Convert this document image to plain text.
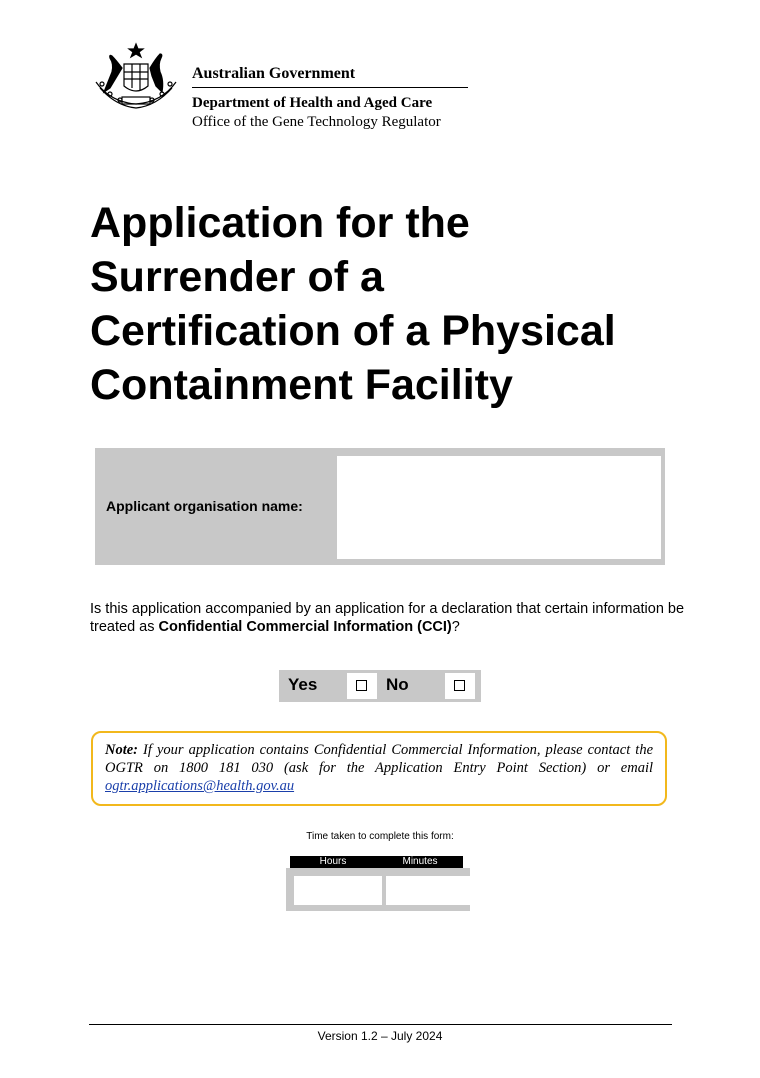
Australian Government
Department of Health and Aged Care
Office of the Gene Technology Regulator
Application for the
Surrender of a
Certification of a Physical
Containment Facility
Applicant organisation name:
Is this application accompanied by an application for a declaration that certain information be treated as Confidential Commercial Information (CCI)?
Yes	No
Note: If your application contains Confidential Commercial Information, please contact the OGTR on 1800 181 030 (ask for the Application Entry Point Section) or email ogtr.applications@health.gov.au
Time taken to complete this form:
Hours	Minutes
Version 1.2 – July 2024
